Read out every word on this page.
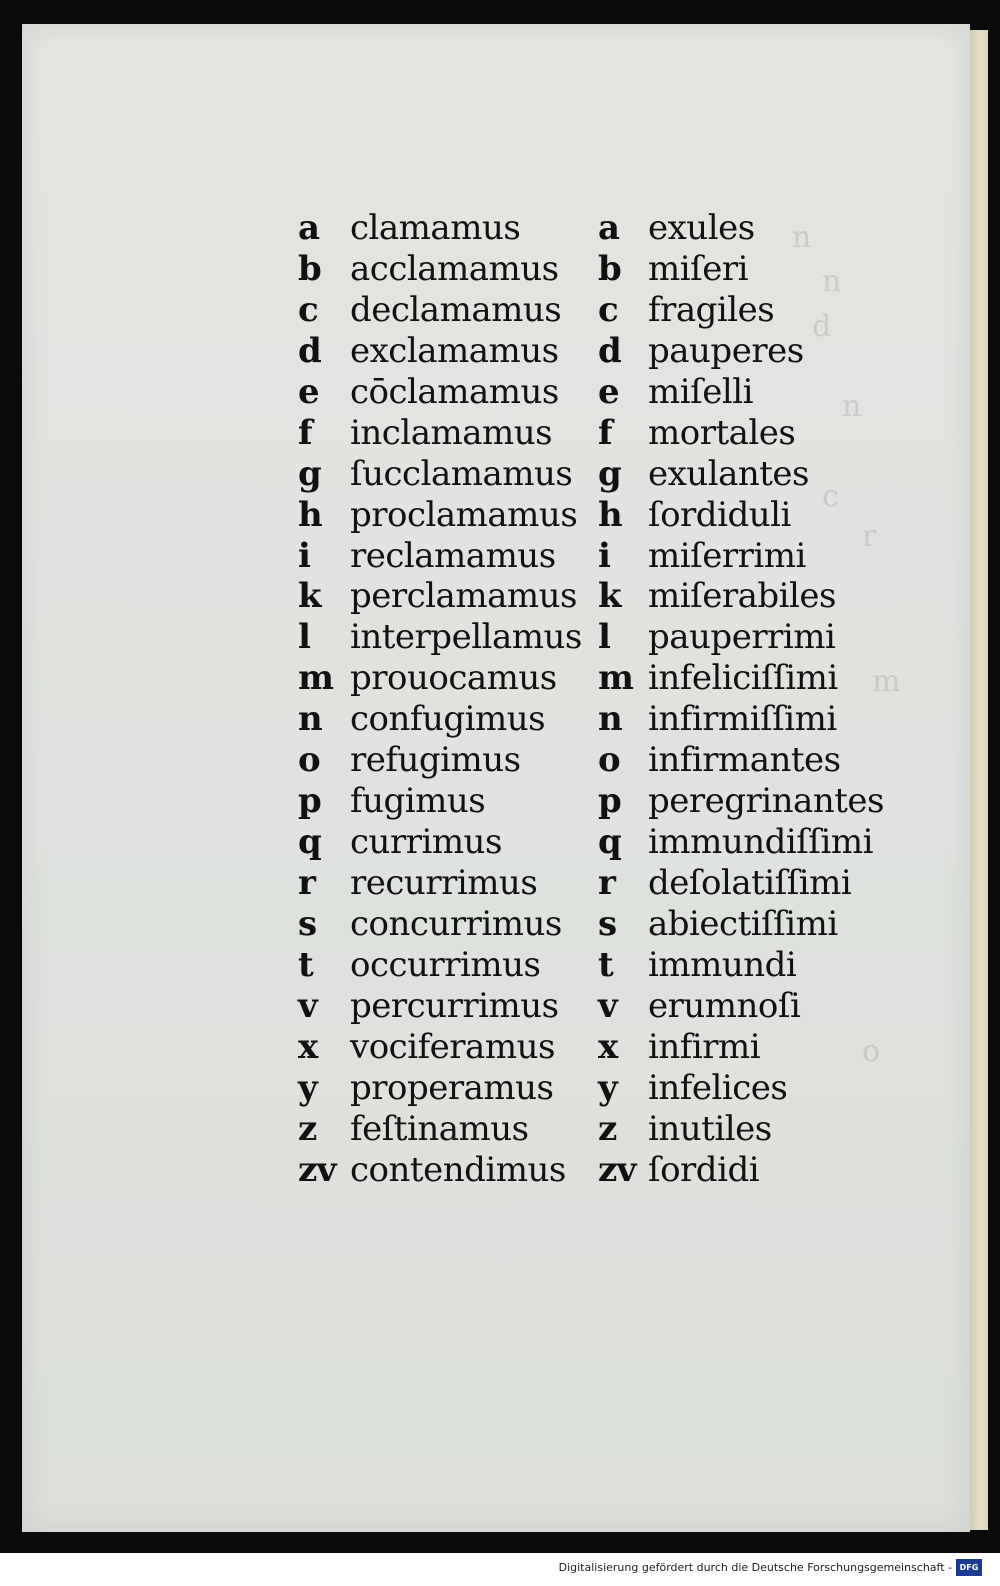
n
n
d
n
c
r
m
o
a clamamus
b acclamamus
c declamamus
d exclamamus
e cōclamamus
f inclamamus
g ſucclamamus
h proclamamus
i reclamamus
k perclamamus
l interpellamus
m prouocamus
n confugimus
o refugimus
p fugimus
q currimus
r recurrimus
s concurrimus
t occurrimus
v percurrimus
x vociferamus
y properamus
z feſtinamus
zv contendimus
a exules
b miſeri
c fragiles
d pauperes
e miſelli
f mortales
g exulantes
h ſordiduli
i miſerrimi
k miſerabiles
l pauperrimi
m infeliciſſimi
n infirmiſſimi
o infirmantes
p peregrinantes
q immundiſſimi
r deſolatiſſimi
s abiectiſſimi
t immundi
v erumnoſi
x infirmi
y infelices
z inutiles
zv ſordidi
Digitalisierung gefördert durch die Deutsche Forschungsgemeinschaft - DFG
